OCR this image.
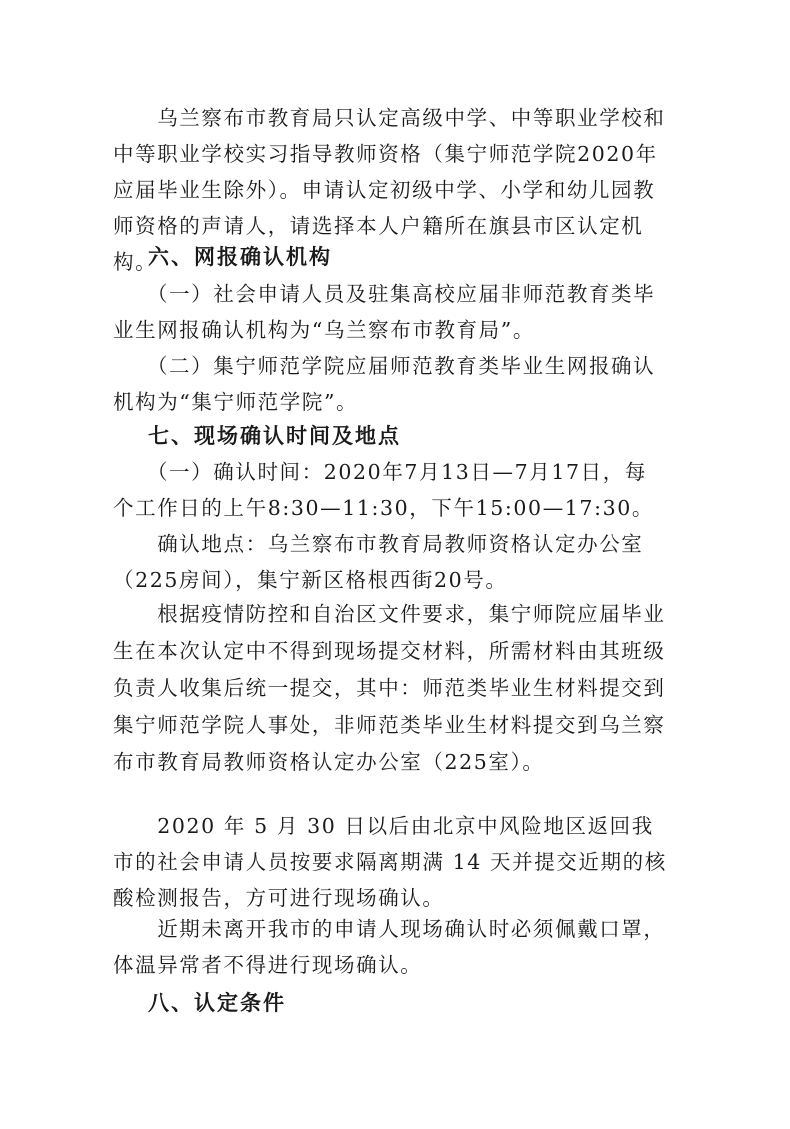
　　乌兰察布市教育局只认定高级中学、中等职业学校和中等职业学校实习指导教师资格（集宁师范学院2020年应届毕业生除外）。申请认定初级中学、小学和幼儿园教师资格的声请人，请选择本人户籍所在旗县市区认定机构。

六、网报确认机构

　　（一）社会申请人员及驻集高校应届非师范教育类毕业生网报确认机构为“乌兰察布市教育局”。

　　（二）集宁师范学院应届师范教育类毕业生网报确认机构为“集宁师范学院”。

七、现场确认时间及地点

　　（一）确认时间：2020年7月13日—7月17日，每个工作日的上午8:30—11:30，下午15:00—17:30。

　　确认地点：乌兰察布市教育局教师资格认定办公室（225房间），集宁新区格根西街20号。

　　根据疫情防控和自治区文件要求，集宁师院应届毕业生在本次认定中不得到现场提交材料，所需材料由其班级负责人收集后统一提交，其中：师范类毕业生材料提交到集宁师范学院人事处，非师范类毕业生材料提交到乌兰察布市教育局教师资格认定办公室（225室）。

　　2020 年 5 月 30 日以后由北京中风险地区返回我市的社会申请人员按要求隔离期满 14 天并提交近期的核酸检测报告，方可进行现场确认。

　　近期未离开我市的申请人现场确认时必须佩戴口罩，体温异常者不得进行现场确认。

八、认定条件
